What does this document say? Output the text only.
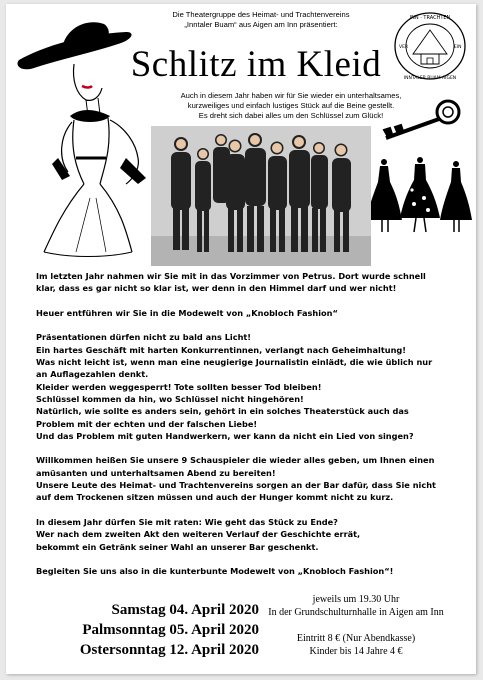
Die Theatergruppe des Heimat- und Trachtenvereins
„Inntaler Buam“ aus Aigen am Inn präsentiert:
Schlitz im Kleid
Auch in diesem Jahr haben wir für Sie wieder ein unterhaltsames,
kurzweiliges und einfach lustiges Stück auf die Beine gestellt.
Es dreht sich dabei alles um den Schlüssel zum Glück!
INN · TRACHTEN
INNTALER BUAM AIGEN
VER	EIN

Im letzten Jahr nahmen wir Sie mit in das Vorzimmer von Petrus. Dort wurde schnell

klar, dass es gar nicht so klar ist, wer denn in den Himmel darf und wer nicht!

Heuer entführen wir Sie in die Modewelt von „Knobloch Fashion“

Präsentationen dürfen nicht zu bald ans Licht!

Ein hartes Geschäft mit harten Konkurrentinnen, verlangt nach Geheimhaltung!

Was nicht leicht ist, wenn man eine neugierige Journalistin einlädt, die wie üblich nur

an Auflagezahlen denkt.

Kleider werden weggesperrt! Tote sollten besser Tod bleiben!

Schlüssel kommen da hin, wo Schlüssel nicht hingehören!

Natürlich, wie sollte es anders sein, gehört in ein solches Theaterstück auch das

Problem mit der echten und der falschen Liebe!

Und das Problem mit guten Handwerkern, wer kann da nicht ein Lied von singen?

Willkommen heißen Sie unsere 9 Schauspieler die wieder alles geben, um Ihnen einen

amüsanten und unterhaltsamen Abend zu bereiten!

Unsere Leute des Heimat- und Trachtenvereins sorgen an der Bar dafür, dass Sie nicht

auf dem Trockenen sitzen müssen und auch der Hunger kommt nicht zu kurz.

In diesem Jahr dürfen Sie mit raten: Wie geht das Stück zu Ende?

Wer nach dem zweiten Akt den weiteren Verlauf der Geschichte errät,

bekommt ein Getränk seiner Wahl an unserer Bar geschenkt.

Begleiten Sie uns also in die kunterbunte Modewelt von „Knobloch Fashion“!

Samstag 04. April 2020
Palmsonntag 05. April 2020
Ostersonntag 12. April 2020
jeweils um 19.30 Uhr
In der Grundschulturnhalle in Aigen am Inn
Eintritt 8 € (Nur Abendkasse)
Kinder bis 14 Jahre 4 €
